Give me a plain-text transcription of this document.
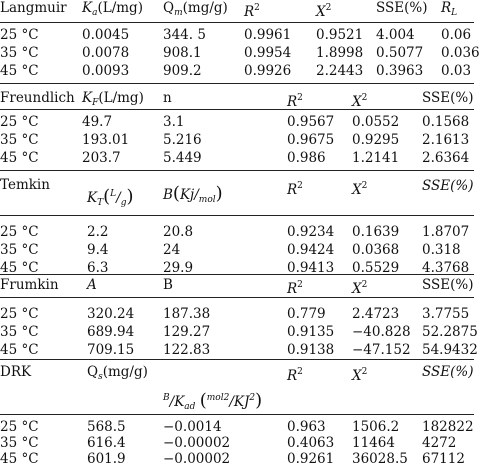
Langmuir $K_a(L/mg)$ $Q_m(mg/g)$ $R^2$	$X^2$	SSE(%) $R_L$
25 °C	0.0045	344. 5	0.9961 0.9521 4.004 0.06
35 °C	0.0078	908.1	0.9954 1.8998 0.5077 0.036
45 °C	0.0093	909.2	0.9926 2.2443 0.3963 0.03
Freundlich $K_F(L/mg)$ n	$R^2$	$X^2$	SSE(%)
25 °C	49.7	3.1	0.9567 0.0552 0.1568
35 °C	193.01	5.216	0.9675 0.9295 2.1613
45 °C	203.7	5.449	0.986 1.2141 2.6364
Temkin
$K_T(^L/_g)$ $B(Kj/_{mol})$	$R^2$	$X^2$	SSE(%)
25 °C	2.2	20.8	0.9234 0.1639 1.8707
35 °C	9.4	24	0.9424 0.0368 0.318
45 °C	6.3	29.9	0.9413 0.5529 4.3768
Frumkin A	B	$R^2$	$X^2$	SSE(%)
25 °C	320.24 187.38	0.779 2.4723 3.7755
35 °C	689.94 129.27	0.9135 −40.828 52.2875
45 °C	709.15 122.83	0.9138 −47.152 54.9432
DRK	$Q_s(mg/g)$	$R^2$	$X^2$	SSE(%)
$^B/K_{ad}$ $(^{mol2}/KJ^2)$
25 °C	568.5	−0.0014	0.963 1506.2 182822
35 °C	616.4	−0.00002	0.4063 11464 4272
45 °C	601.9	−0.00002	0.9261 36028.5 67112
